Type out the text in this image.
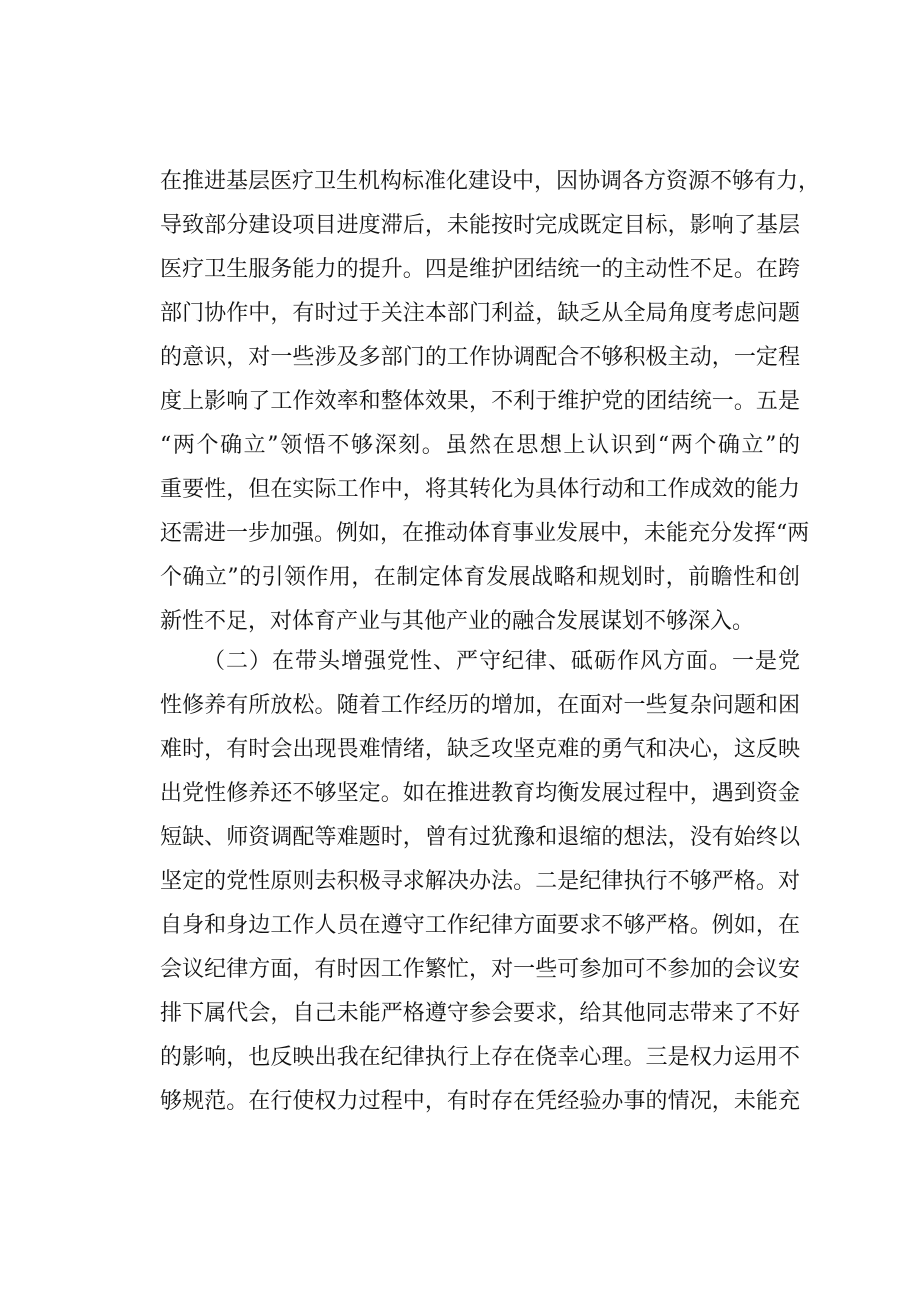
在推进基层医疗卫生机构标准化建设中，因协调各方资源不够有力，
导致部分建设项目进度滞后，未能按时完成既定目标，影响了基层
医疗卫生服务能力的提升。四是维护团结统一的主动性不足。在跨
部门协作中，有时过于关注本部门利益，缺乏从全局角度考虑问题
的意识，对一些涉及多部门的工作协调配合不够积极主动，一定程
度上影响了工作效率和整体效果，不利于维护党的团结统一。五是
“两个确立”领悟不够深刻。虽然在思想上认识到“两个确立”的
重要性，但在实际工作中，将其转化为具体行动和工作成效的能力
还需进一步加强。例如，在推动体育事业发展中，未能充分发挥“两
个确立”的引领作用，在制定体育发展战略和规划时，前瞻性和创
新性不足，对体育产业与其他产业的融合发展谋划不够深入。
（二）在带头增强党性、严守纪律、砥砺作风方面。一是党
性修养有所放松。随着工作经历的增加，在面对一些复杂问题和困
难时，有时会出现畏难情绪，缺乏攻坚克难的勇气和决心，这反映
出党性修养还不够坚定。如在推进教育均衡发展过程中，遇到资金
短缺、师资调配等难题时，曾有过犹豫和退缩的想法，没有始终以
坚定的党性原则去积极寻求解决办法。二是纪律执行不够严格。对
自身和身边工作人员在遵守工作纪律方面要求不够严格。例如，在
会议纪律方面，有时因工作繁忙，对一些可参加可不参加的会议安
排下属代会，自己未能严格遵守参会要求，给其他同志带来了不好
的影响，也反映出我在纪律执行上存在侥幸心理。三是权力运用不
够规范。在行使权力过程中，有时存在凭经验办事的情况，未能充
